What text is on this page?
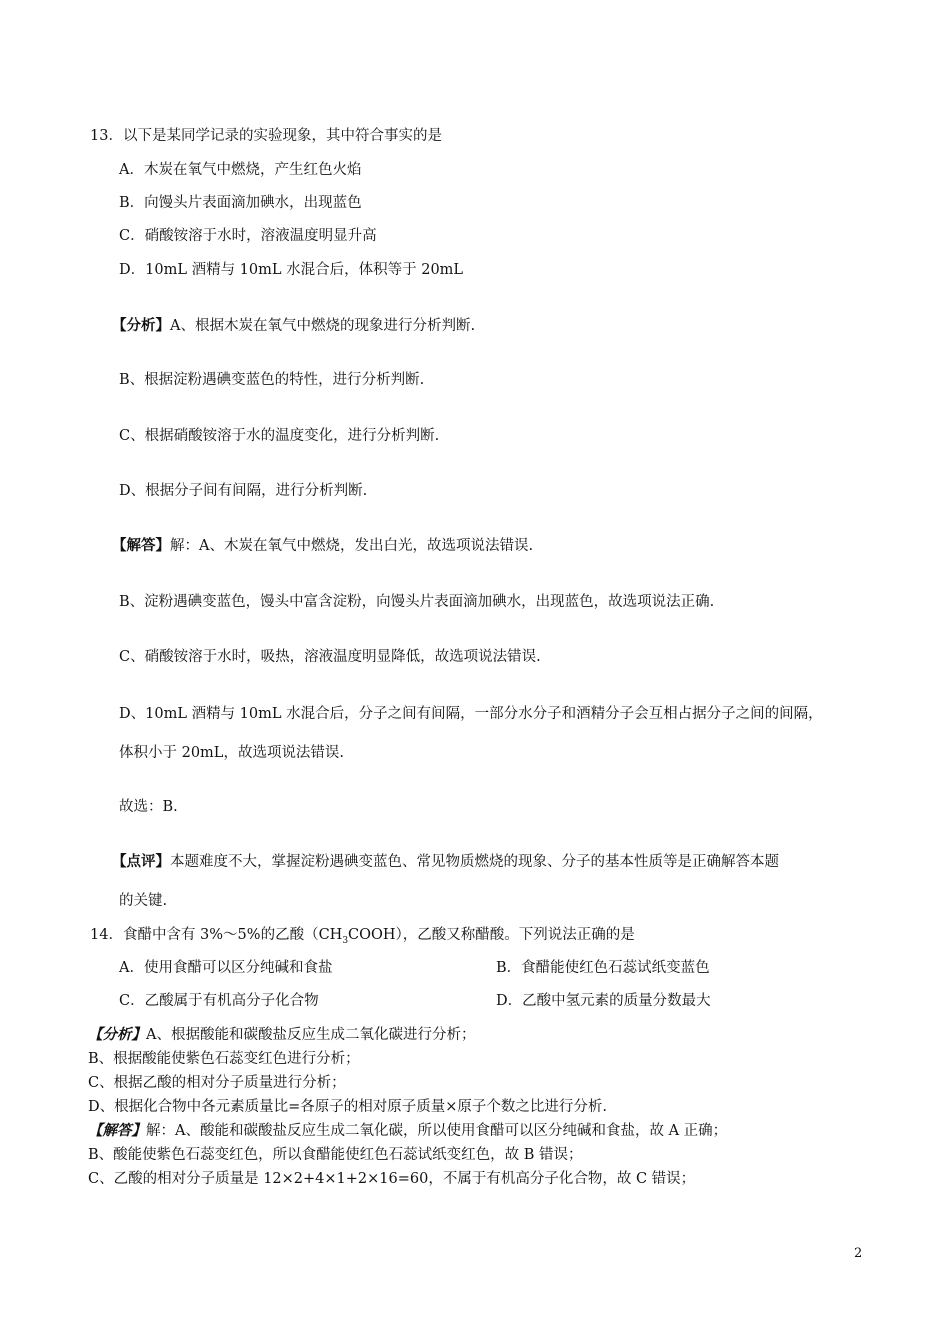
13．以下是某同学记录的实验现象，其中符合事实的是
A．木炭在氧气中燃烧，产生红色火焰
B．向馒头片表面滴加碘水，出现蓝色
C．硝酸铵溶于水时，溶液温度明显升高
D．10mL 酒精与 10mL 水混合后，体积等于 20mL
【分析】A、根据木炭在氧气中燃烧的现象进行分析判断.
B、根据淀粉遇碘变蓝色的特性，进行分析判断.
C、根据硝酸铵溶于水的温度变化，进行分析判断.
D、根据分子间有间隔，进行分析判断.
【解答】解：A、木炭在氧气中燃烧，发出白光，故选项说法错误.
B、淀粉遇碘变蓝色，馒头中富含淀粉，向馒头片表面滴加碘水，出现蓝色，故选项说法正确.
C、硝酸铵溶于水时，吸热，溶液温度明显降低，故选项说法错误.
D、10mL 酒精与 10mL 水混合后，分子之间有间隔，一部分水分子和酒精分子会互相占据分子之间的间隔，
体积小于 20mL，故选项说法错误.
故选：B.
【点评】本题难度不大，掌握淀粉遇碘变蓝色、常见物质燃烧的现象、分子的基本性质等是正确解答本题
的关键.
14．食醋中含有 3%～5%的乙酸$(CH_3COOH)$，乙酸又称醋酸。下列说法正确的是
A．使用食醋可以区分纯碱和食盐	B．食醋能使红色石蕊试纸变蓝色
C．乙酸属于有机高分子化合物	D．乙酸中氢元素的质量分数最大
【分析】A、根据酸能和碳酸盐反应生成二氧化碳进行分析；
B、根据酸能使紫色石蕊变红色进行分析；
C、根据乙酸的相对分子质量进行分析；
D、根据化合物中各元素质量比=各原子的相对原子质量×原子个数之比进行分析.
【解答】解：A、酸能和碳酸盐反应生成二氧化碳，所以使用食醋可以区分纯碱和食盐，故 A 正确；
B、酸能使紫色石蕊变红色，所以食醋能使红色石蕊试纸变红色，故 B 错误；
C、乙酸的相对分子质量是 12×2+4×1+2×16=60，不属于有机高分子化合物，故 C 错误；
2
